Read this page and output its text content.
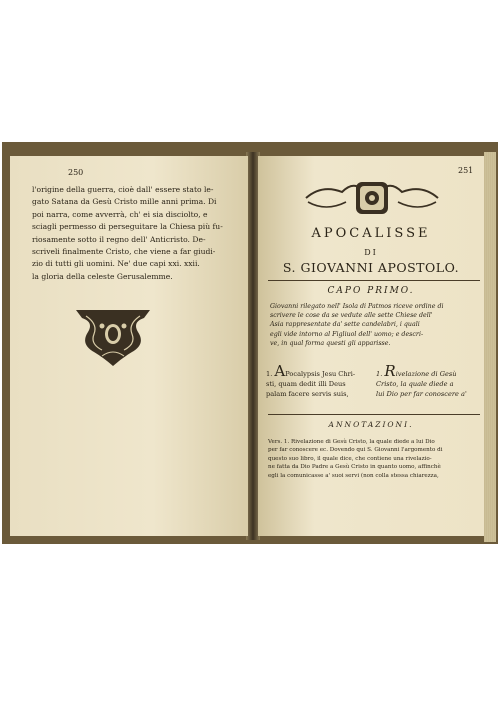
250
l'origine della guerra, cioè dall' essere stato le-
gato Satana da Gesù Cristo mille anni prima. Di
poi narra, come avverrà, ch' ei sia disciolto, e
sciagli permesso di perseguitare la Chiesa più fu-
riosamente sotto il regno dell' Anticristo. De-
scriveli finalmente Cristo, che viene a far giudi-
zio di tutti gli uomini. Ne' due capi xxi. xxii.
la gloria della celeste Gerusalemme.
251
APOCALISSE
DI
S. GIOVANNI APOSTOLO.
CAPO PRIMO.
Giovanni rilegato nell' Isola di Patmos riceve ordine di
scrivere le cose da se vedute alle sette Chiese dell'
Asia rappresentate da' sette candelabri, i quali
egli vide intorno al Figliuol dell' uomo; e descri-
ve, in qual forma questi gli apparisse.
1. APocalypsis Jesu Chri-
sti, quam dedit illi Deus
palam facere servis suis,
1. Rivelazione di Gesù
Cristo, la quale diede a
lui Dio per far conoscere a'
ANNOTAZIONI.
Vers. 1. Rivelazione di Gesù Cristo, la quale diede a lui Dio
per far conoscere ec. Dovendo qui S. Giovanni l'argomento di
questo suo libro, il quale dice, che contiene una rivelazio-
ne fatta da Dio Padre a Gesù Cristo in quanto uomo, affinchè
egli la comunicasse a' suoi servi (non colla stessa chiarezza,
